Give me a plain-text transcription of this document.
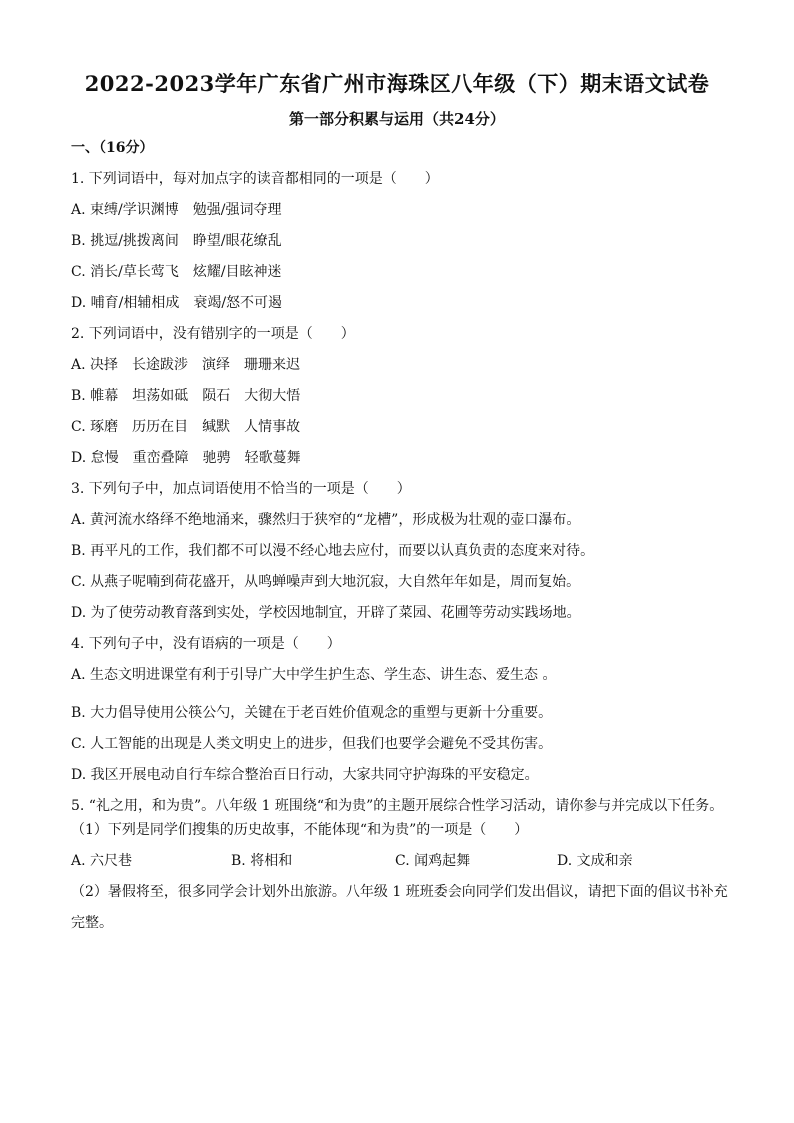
2022-2023学年广东省广州市海珠区八年级（下）期末语文试卷
第一部分积累与运用（共24分）
一、（16分）
1. 下列词语中，每对加点字的读音都相同的一项是（　　）
A. 束缚/学识渊博　勉强/强词夺理
B. 挑逗/挑拨离间　睁望/眼花缭乱
C. 消长/草长莺飞　炫耀/目眩神迷
D. 哺育/相辅相成　衰竭/怒不可遏
2. 下列词语中，没有错别字的一项是（　　）
A. 决择　长途跋涉　演绎　珊珊来迟
B. 帷幕　坦荡如砥　陨石　大彻大悟
C. 琢磨　历历在目　缄默　人情事故
D. 怠慢　重峦叠障　驰骋　轻歌蔓舞
3. 下列句子中，加点词语使用不恰当的一项是（　　）
A. 黄河流水络绎不绝地涌来，骤然归于狭窄的“龙槽”，形成极为壮观的壶口瀑布。
B. 再平凡的工作，我们都不可以漫不经心地去应付，而要以认真负责的态度来对待。
C. 从燕子呢喃到荷花盛开，从鸣蝉噪声到大地沉寂，大自然年年如是，周而复始。
D. 为了使劳动教育落到实处，学校因地制宜，开辟了菜园、花圃等劳动实践场地。
4. 下列句子中，没有语病的一项是（　　）
A. 生态文明进课堂有利于引导广大中学生护生态、学生态、讲生态、爱生态 。
B. 大力倡导使用公筷公勺，关键在于老百姓价值观念的重塑与更新十分重要。
C. 人工智能的出现是人类文明史上的进步，但我们也要学会避免不受其伤害。
D. 我区开展电动自行车综合整治百日行动，大家共同守护海珠的平安稳定。
5. “礼之用，和为贵”。八年级 1 班围绕“和为贵”的主题开展综合性学习活动，请你参与并完成以下任务。
（1）下列是同学们搜集的历史故事，不能体现“和为贵”的一项是（　　）
A. 六尺巷	B. 将相和	C. 闻鸡起舞	D. 文成和亲
（2）暑假将至，很多同学会计划外出旅游。八年级 1 班班委会向同学们发出倡议，请把下面的倡议书补充完整。
